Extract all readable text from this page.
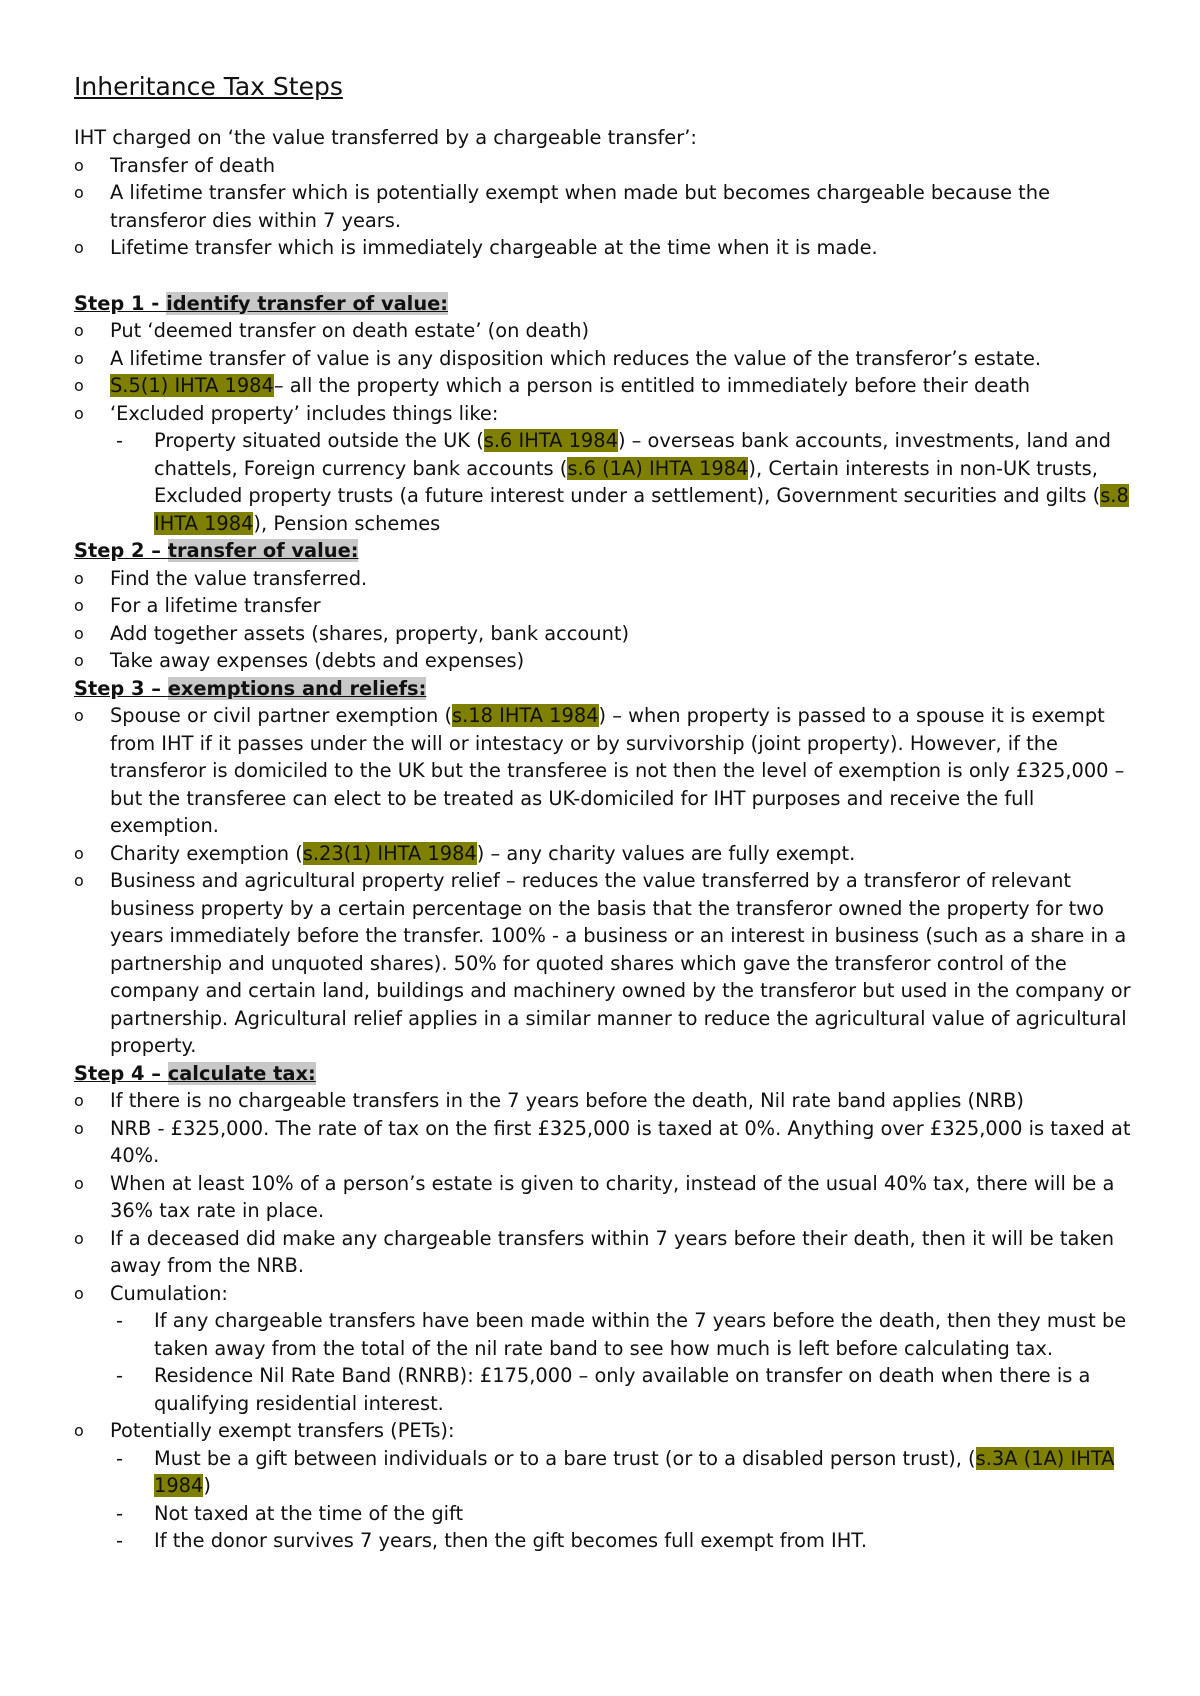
Inheritance Tax Steps

IHT charged on ‘the value transferred by a chargeable transfer’:

o Transfer of death
o A lifetime transfer which is potentially exempt when made but becomes chargeable because the transferor dies within 7 years.
o Lifetime transfer which is immediately chargeable at the time when it is made.

Step 1 - identify transfer of value:

o Put ‘deemed transfer on death estate’ (on death)
o A lifetime transfer of value is any disposition which reduces the value of the transferor’s estate.
o S.5(1) IHTA 1984– all the property which a person is entitled to immediately before their death
o ‘Excluded property’ includes things like:
- Property situated outside the UK (s.6 IHTA 1984) – overseas bank accounts, investments, land and chattels, Foreign currency bank accounts (s.6 (1A) IHTA 1984), Certain interests in non-UK trusts, Excluded property trusts (a future interest under a settlement), Government securities and gilts (s.8 IHTA 1984), Pension schemes

Step 2 – transfer of value:

o Find the value transferred.
o For a lifetime transfer
o Add together assets (shares, property, bank account)
o Take away expenses (debts and expenses)

Step 3 – exemptions and reliefs:

o Spouse or civil partner exemption (s.18 IHTA 1984) – when property is passed to a spouse it is exempt from IHT if it passes under the will or intestacy or by survivorship (joint property). However, if the transferor is domiciled to the UK but the transferee is not then the level of exemption is only £325,000 – but the transferee can elect to be treated as UK-domiciled for IHT purposes and receive the full exemption.
o Charity exemption (s.23(1) IHTA 1984) – any charity values are fully exempt.
o Business and agricultural property relief – reduces the value transferred by a transferor of relevant business property by a certain percentage on the basis that the transferor owned the property for two years immediately before the transfer. 100% - a business or an interest in business (such as a share in a partnership and unquoted shares). 50% for quoted shares which gave the transferor control of the company and certain land, buildings and machinery owned by the transferor but used in the company or partnership. Agricultural relief applies in a similar manner to reduce the agricultural value of agricultural property.

Step 4 – calculate tax:

o If there is no chargeable transfers in the 7 years before the death, Nil rate band applies (NRB)
o NRB - £325,000. The rate of tax on the first £325,000 is taxed at 0%. Anything over £325,000 is taxed at 40%.
o When at least 10% of a person’s estate is given to charity, instead of the usual 40% tax, there will be a 36% tax rate in place.
o If a deceased did make any chargeable transfers within 7 years before their death, then it will be taken away from the NRB.
o Cumulation:
- If any chargeable transfers have been made within the 7 years before the death, then they must be taken away from the total of the nil rate band to see how much is left before calculating tax.
- Residence Nil Rate Band (RNRB): £175,000 – only available on transfer on death when there is a qualifying residential interest.
o Potentially exempt transfers (PETs):
- Must be a gift between individuals or to a bare trust (or to a disabled person trust), (s.3A (1A) IHTA 1984)
- Not taxed at the time of the gift
- If the donor survives 7 years, then the gift becomes full exempt from IHT.
